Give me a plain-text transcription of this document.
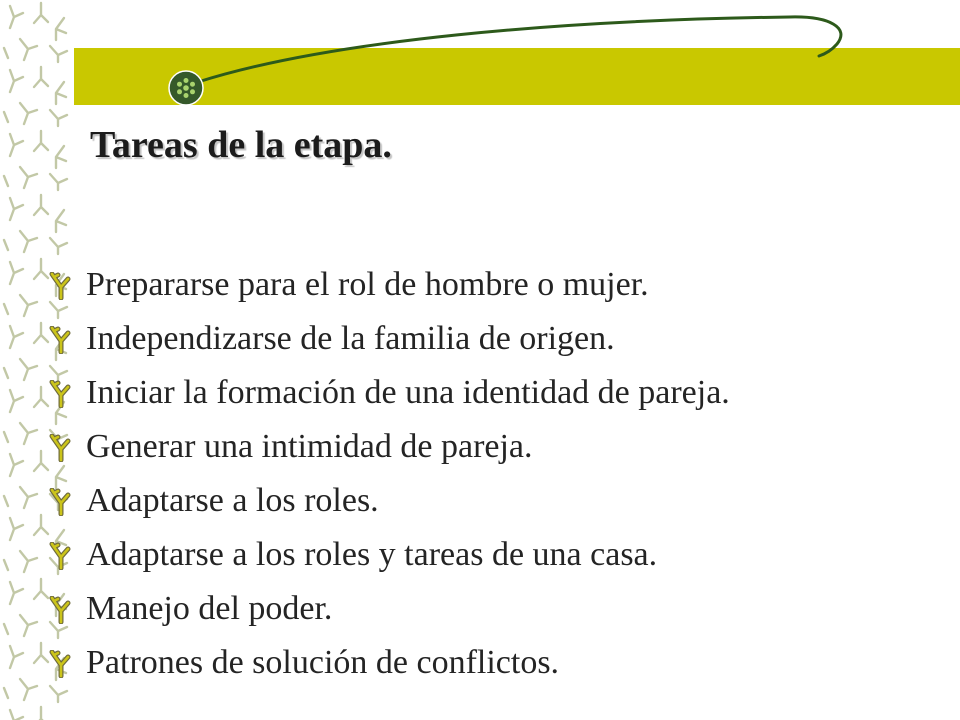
Tareas de la etapa.
Prepararse para el rol de hombre o mujer.
Independizarse de la familia de origen.
Iniciar la formación de una identidad de pareja.
Generar una intimidad de pareja.
Adaptarse a los roles.
Adaptarse a los roles y tareas de una casa.
Manejo del poder.
Patrones de solución de conflictos.
